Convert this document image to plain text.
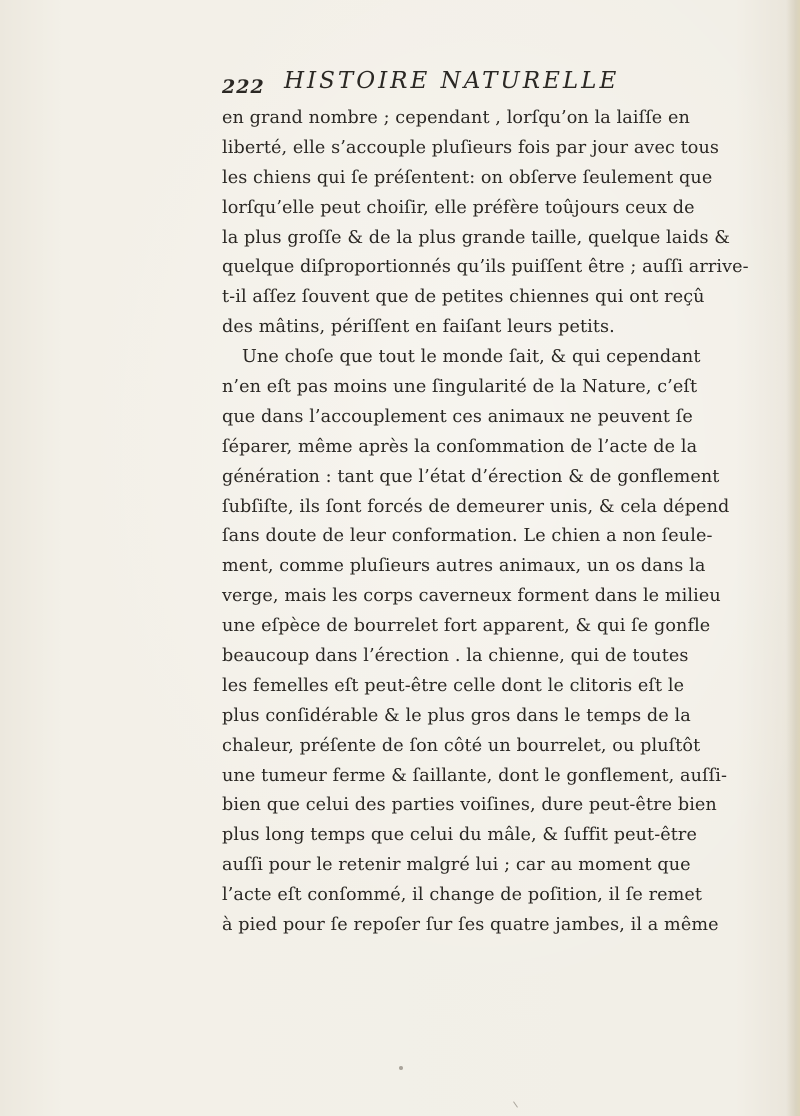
222 HISTOIRE NATURELLE
en grand nombre ; cependant , lorſqu’on la laiſſe en
liberté, elle s’accouple pluſieurs fois par jour avec tous
les chiens qui ſe préſentent: on obſerve ſeulement que
lorſqu’elle peut choiſir, elle préfère toûjours ceux de
la plus groſſe & de la plus grande taille, quelque laids &
quelque diſproportionnés qu’ils puiſſent être ; auſſi arrive-
t-il aſſez ſouvent que de petites chiennes qui ont reçû
des mâtins, périſſent en faiſant leurs petits.
Une choſe que tout le monde ſait, & qui cependant
n’en eſt pas moins une ſingularité de la Nature, c’eſt
que dans l’accouplement ces animaux ne peuvent ſe
ſéparer, même après la conſommation de l’acte de la
génération : tant que l’état d’érection & de gonflement
ſubſiſte, ils ſont forcés de demeurer unis, & cela dépend
ſans doute de leur conformation. Le chien a non ſeule-
ment, comme pluſieurs autres animaux, un os dans la
verge, mais les corps caverneux forment dans le milieu
une eſpèce de bourrelet fort apparent, & qui ſe gonfle
beaucoup dans l’érection . la chienne, qui de toutes
les femelles eſt peut-être celle dont le clitoris eſt le
plus conſidérable & le plus gros dans le temps de la
chaleur, préſente de ſon côté un bourrelet, ou pluſtôt
une tumeur ferme & ſaillante, dont le gonflement, auſſi-
bien que celui des parties voiſines, dure peut-être bien
plus long temps que celui du mâle, & ſuffit peut-être
auſſi pour le retenir malgré lui ; car au moment que
l’acte eſt conſommé, il change de poſition, il ſe remet
à pied pour ſe repoſer ſur ſes quatre jambes, il a même
